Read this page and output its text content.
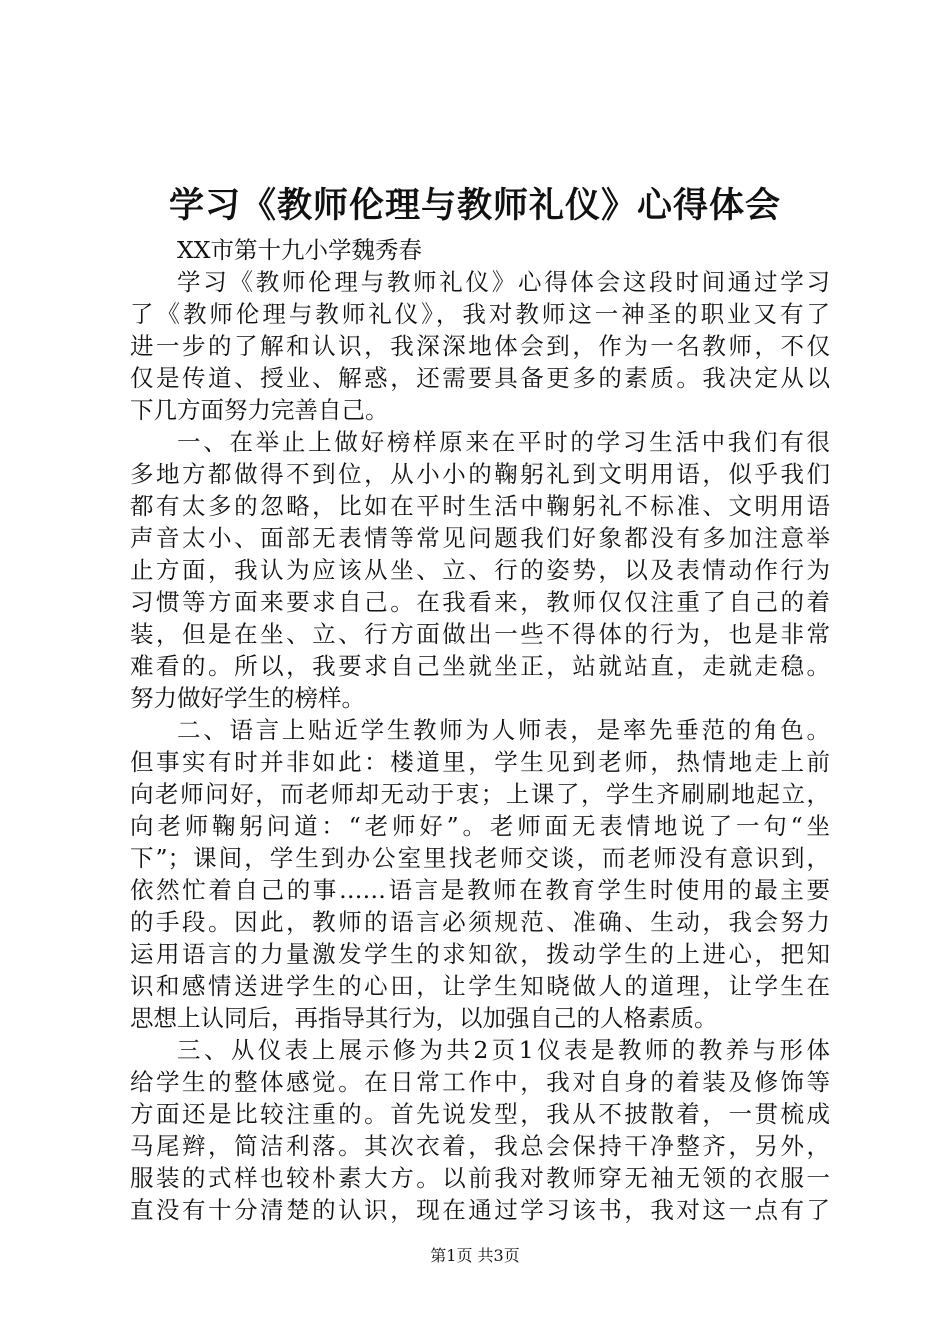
学习《教师伦理与教师礼仪》心得体会
XX市第十九小学魏秀春
学习《教师伦理与教师礼仪》心得体会这段时间通过学习
了《教师伦理与教师礼仪》，我对教师这一神圣的职业又有了
进一步的了解和认识，我深深地体会到，作为一名教师，不仅
仅是传道、授业、解惑，还需要具备更多的素质。我决定从以
下几方面努力完善自己。
一、在举止上做好榜样原来在平时的学习生活中我们有很
多地方都做得不到位，从小小的鞠躬礼到文明用语，似乎我们
都有太多的忽略，比如在平时生活中鞠躬礼不标准、文明用语
声音太小、面部无表情等常见问题我们好象都没有多加注意举
止方面，我认为应该从坐、立、行的姿势，以及表情动作行为
习惯等方面来要求自己。在我看来，教师仅仅注重了自己的着
装，但是在坐、立、行方面做出一些不得体的行为，也是非常
难看的。所以，我要求自己坐就坐正，站就站直，走就走稳。
努力做好学生的榜样。
二、语言上贴近学生教师为人师表，是率先垂范的角色。
但事实有时并非如此：楼道里，学生见到老师，热情地走上前
向老师问好，而老师却无动于衷；上课了，学生齐刷刷地起立，
向老师鞠躬问道：“老师好”。老师面无表情地说了一句“坐
下”；课间，学生到办公室里找老师交谈，而老师没有意识到，
依然忙着自己的事……语言是教师在教育学生时使用的最主要
的手段。因此，教师的语言必须规范、准确、生动，我会努力
运用语言的力量激发学生的求知欲，拨动学生的上进心，把知
识和感情送进学生的心田，让学生知晓做人的道理，让学生在
思想上认同后，再指导其行为，以加强自己的人格素质。
三、从仪表上展示修为共2页1仪表是教师的教养与形体
给学生的整体感觉。在日常工作中，我对自身的着装及修饰等
方面还是比较注重的。首先说发型，我从不披散着，一贯梳成
马尾辫，简洁利落。其次衣着，我总会保持干净整齐，另外，
服装的式样也较朴素大方。以前我对教师穿无袖无领的衣服一
直没有十分清楚的认识，现在通过学习该书，我对这一点有了
第1页 共3页
